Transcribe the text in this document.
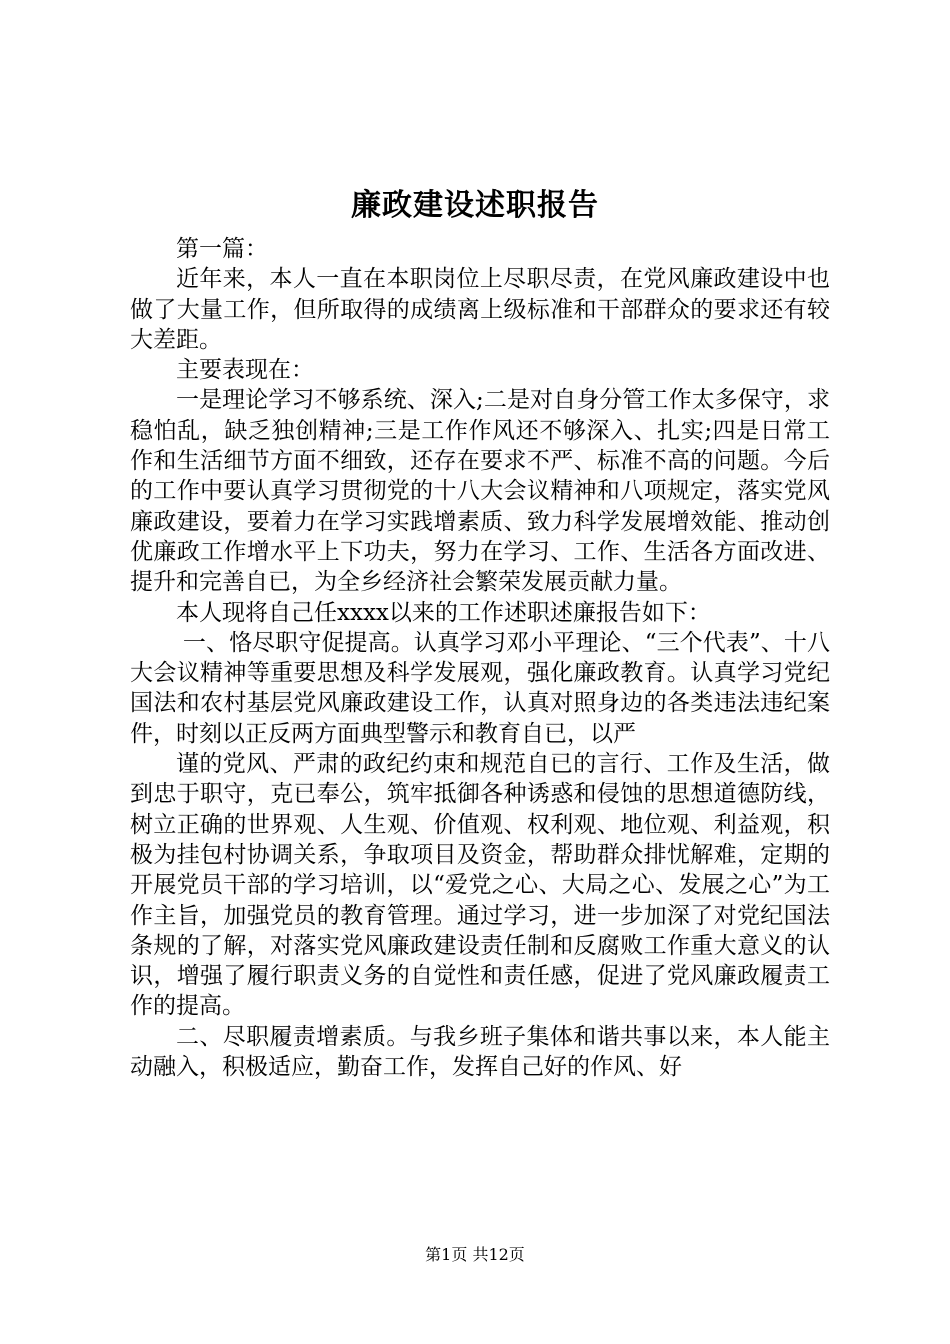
廉政建设述职报告

第一篇：

近年来，本人一直在本职岗位上尽职尽责，在党风廉政建设中也做了大量工作，但所取得的成绩离上级标准和干部群众的要求还有较大差距。

主要表现在：

一是理论学习不够系统、深入;二是对自身分管工作太多保守，求稳怕乱，缺乏独创精神;三是工作作风还不够深入、扎实;四是日常工作和生活细节方面不细致，还存在要求不严、标准不高的问题。今后的工作中要认真学习贯彻党的十八大会议精神和八项规定，落实党风廉政建设，要着力在学习实践增素质、致力科学发展增效能、推动创优廉政工作增水平上下功夫，努力在学习、工作、生活各方面改进、提升和完善自已，为全乡经济社会繁荣发展贡献力量。

本人现将自己任xxxx以来的工作述职述廉报告如下：

一、恪尽职守促提高。认真学习邓小平理论、“三个代表”、十八大会议精神等重要思想及科学发展观，强化廉政教育。认真学习党纪国法和农村基层党风廉政建设工作，认真对照身边的各类违法违纪案件，时刻以正反两方面典型警示和教育自已，以严

谨的党风、严肃的政纪约束和规范自已的言行、工作及生活，做到忠于职守，克已奉公，筑牢抵御各种诱惑和侵蚀的思想道德防线，树立正确的世界观、人生观、价值观、权利观、地位观、利益观，积极为挂包村协调关系，争取项目及资金，帮助群众排忧解难，定期的开展党员干部的学习培训，以“爱党之心、大局之心、发展之心”为工作主旨，加强党员的教育管理。通过学习，进一步加深了对党纪国法条规的了解，对落实党风廉政建设责任制和反腐败工作重大意义的认识，增强了履行职责义务的自觉性和责任感，促进了党风廉政履责工作的提高。

二、尽职履责增素质。与我乡班子集体和谐共事以来，本人能主动融入，积极适应，勤奋工作，发挥自己好的作风、好

第1页 共12页
